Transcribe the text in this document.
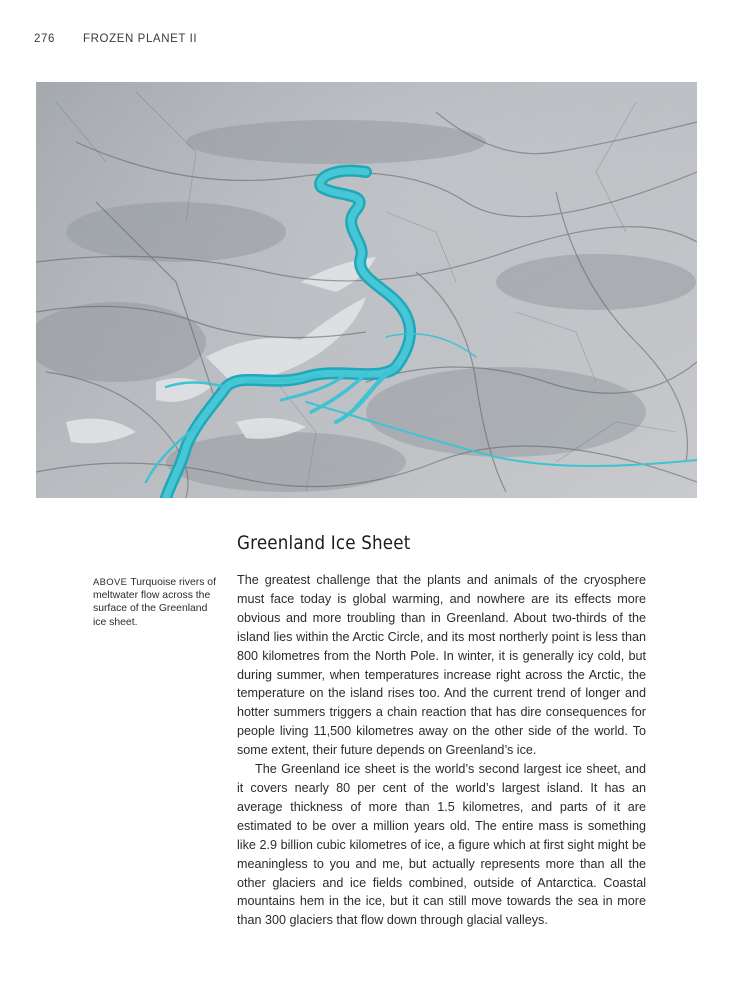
276 FROZEN PLANET II
Greenland Ice Sheet
ABOVE Turquoise rivers of meltwater flow across the surface of the Greenland ice sheet.

The greatest challenge that the plants and animals of the cryosphere must face today is global warming, and nowhere are its effects more obvious and more troubling than in Greenland. About two-thirds of the island lies within the Arctic Circle, and its most northerly point is less than 800 kilometres from the North Pole. In winter, it is generally icy cold, but during summer, when temperatures increase right across the Arctic, the temperature on the island rises too. And the current trend of longer and hotter summers triggers a chain reaction that has dire consequences for people living 11,500 kilometres away on the other side of the world. To some extent, their future depends on Greenland’s ice.

The Greenland ice sheet is the world’s second largest ice sheet, and it covers nearly 80 per cent of the world’s largest island. It has an average thickness of more than 1.5 kilometres, and parts of it are estimated to be over a million years old. The entire mass is something like 2.9 billion cubic kilometres of ice, a figure which at first sight might be meaningless to you and me, but actually represents more than all the other glaciers and ice fields combined, outside of Antarctica. Coastal mountains hem in the ice, but it can still move towards the sea in more than 300 glaciers that flow down through glacial valleys.
